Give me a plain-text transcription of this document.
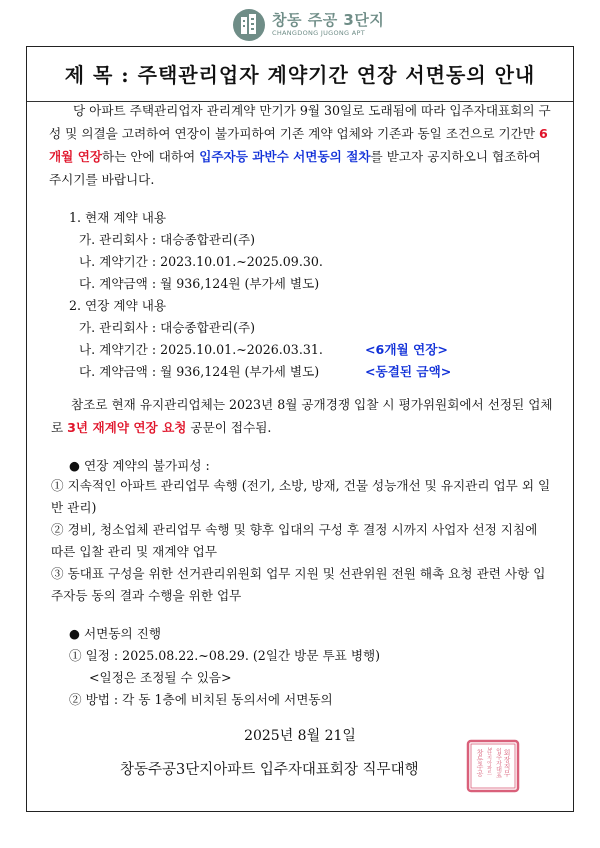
창동 주공 3단지
CHANGDONG JUGONG APT
제 목 : 주택관리업자 계약기간 연장 서면동의 안내

당 아파트 주택관리업자 관리계약 만기가 9월 30일로 도래됨에 따라 입주자대표회의 구성 및 의결을 고려하여 연장이 불가피하여 기존 계약 업체와 기존과 동일 조건으로 기간만 6개월 연장하는 안에 대하여 입주자등 과반수 서면동의 절차를 받고자 공지하오니 협조하여 주시기를 바랍니다.

1. 현재 계약 내용
가. 관리회사 : 대승종합관리(주)
나. 계약기간 : 2023.10.01.~2025.09.30.
다. 계약금액 : 월 936,124원 (부가세 별도)
2. 연장 계약 내용
가. 관리회사 : 대승종합관리(주)
나. 계약기간 : 2025.10.01.~2026.03.31.	<6개월 연장>
다. 계약금액 : 월 936,124원 (부가세 별도)	<동결된 금액>

참조로 현재 유지관리업체는 2023년 8월 공개경쟁 입찰 시 평가위원회에서 선정된 업체로 3년 재계약 연장 요청 공문이 접수됨.

● 연장 계약의 불가피성 :

① 지속적인 아파트 관리업무 속행 (전기, 소방, 방재, 건물 성능개선 및 유지관리 업무 외 일반 관리)

② 경비, 청소업체 관리업무 속행 및 향후 입대의 구성 후 결정 시까지 사업자 선정 지침에 따른 입찰 관리 및 재계약 업무

③ 동대표 구성을 위한 선거관리위원회 업무 지원 및 선관위원 전원 해촉 요청 관련 사항 입주자등 동의 결과 수행을 위한 업무

● 서면동의 진행
① 일정 : 2025.08.22.~08.29. (2일간 방문 투표 병행)
<일정은 조정될 수 있음>
② 방법 : 각 동 1층에 비치된 동의서에 서면동의
2025년 8월 21일
창동주공3단지아파트 입주자대표회장 직무대행	창동주공 3단지아파트 입주자대표 회장직무
